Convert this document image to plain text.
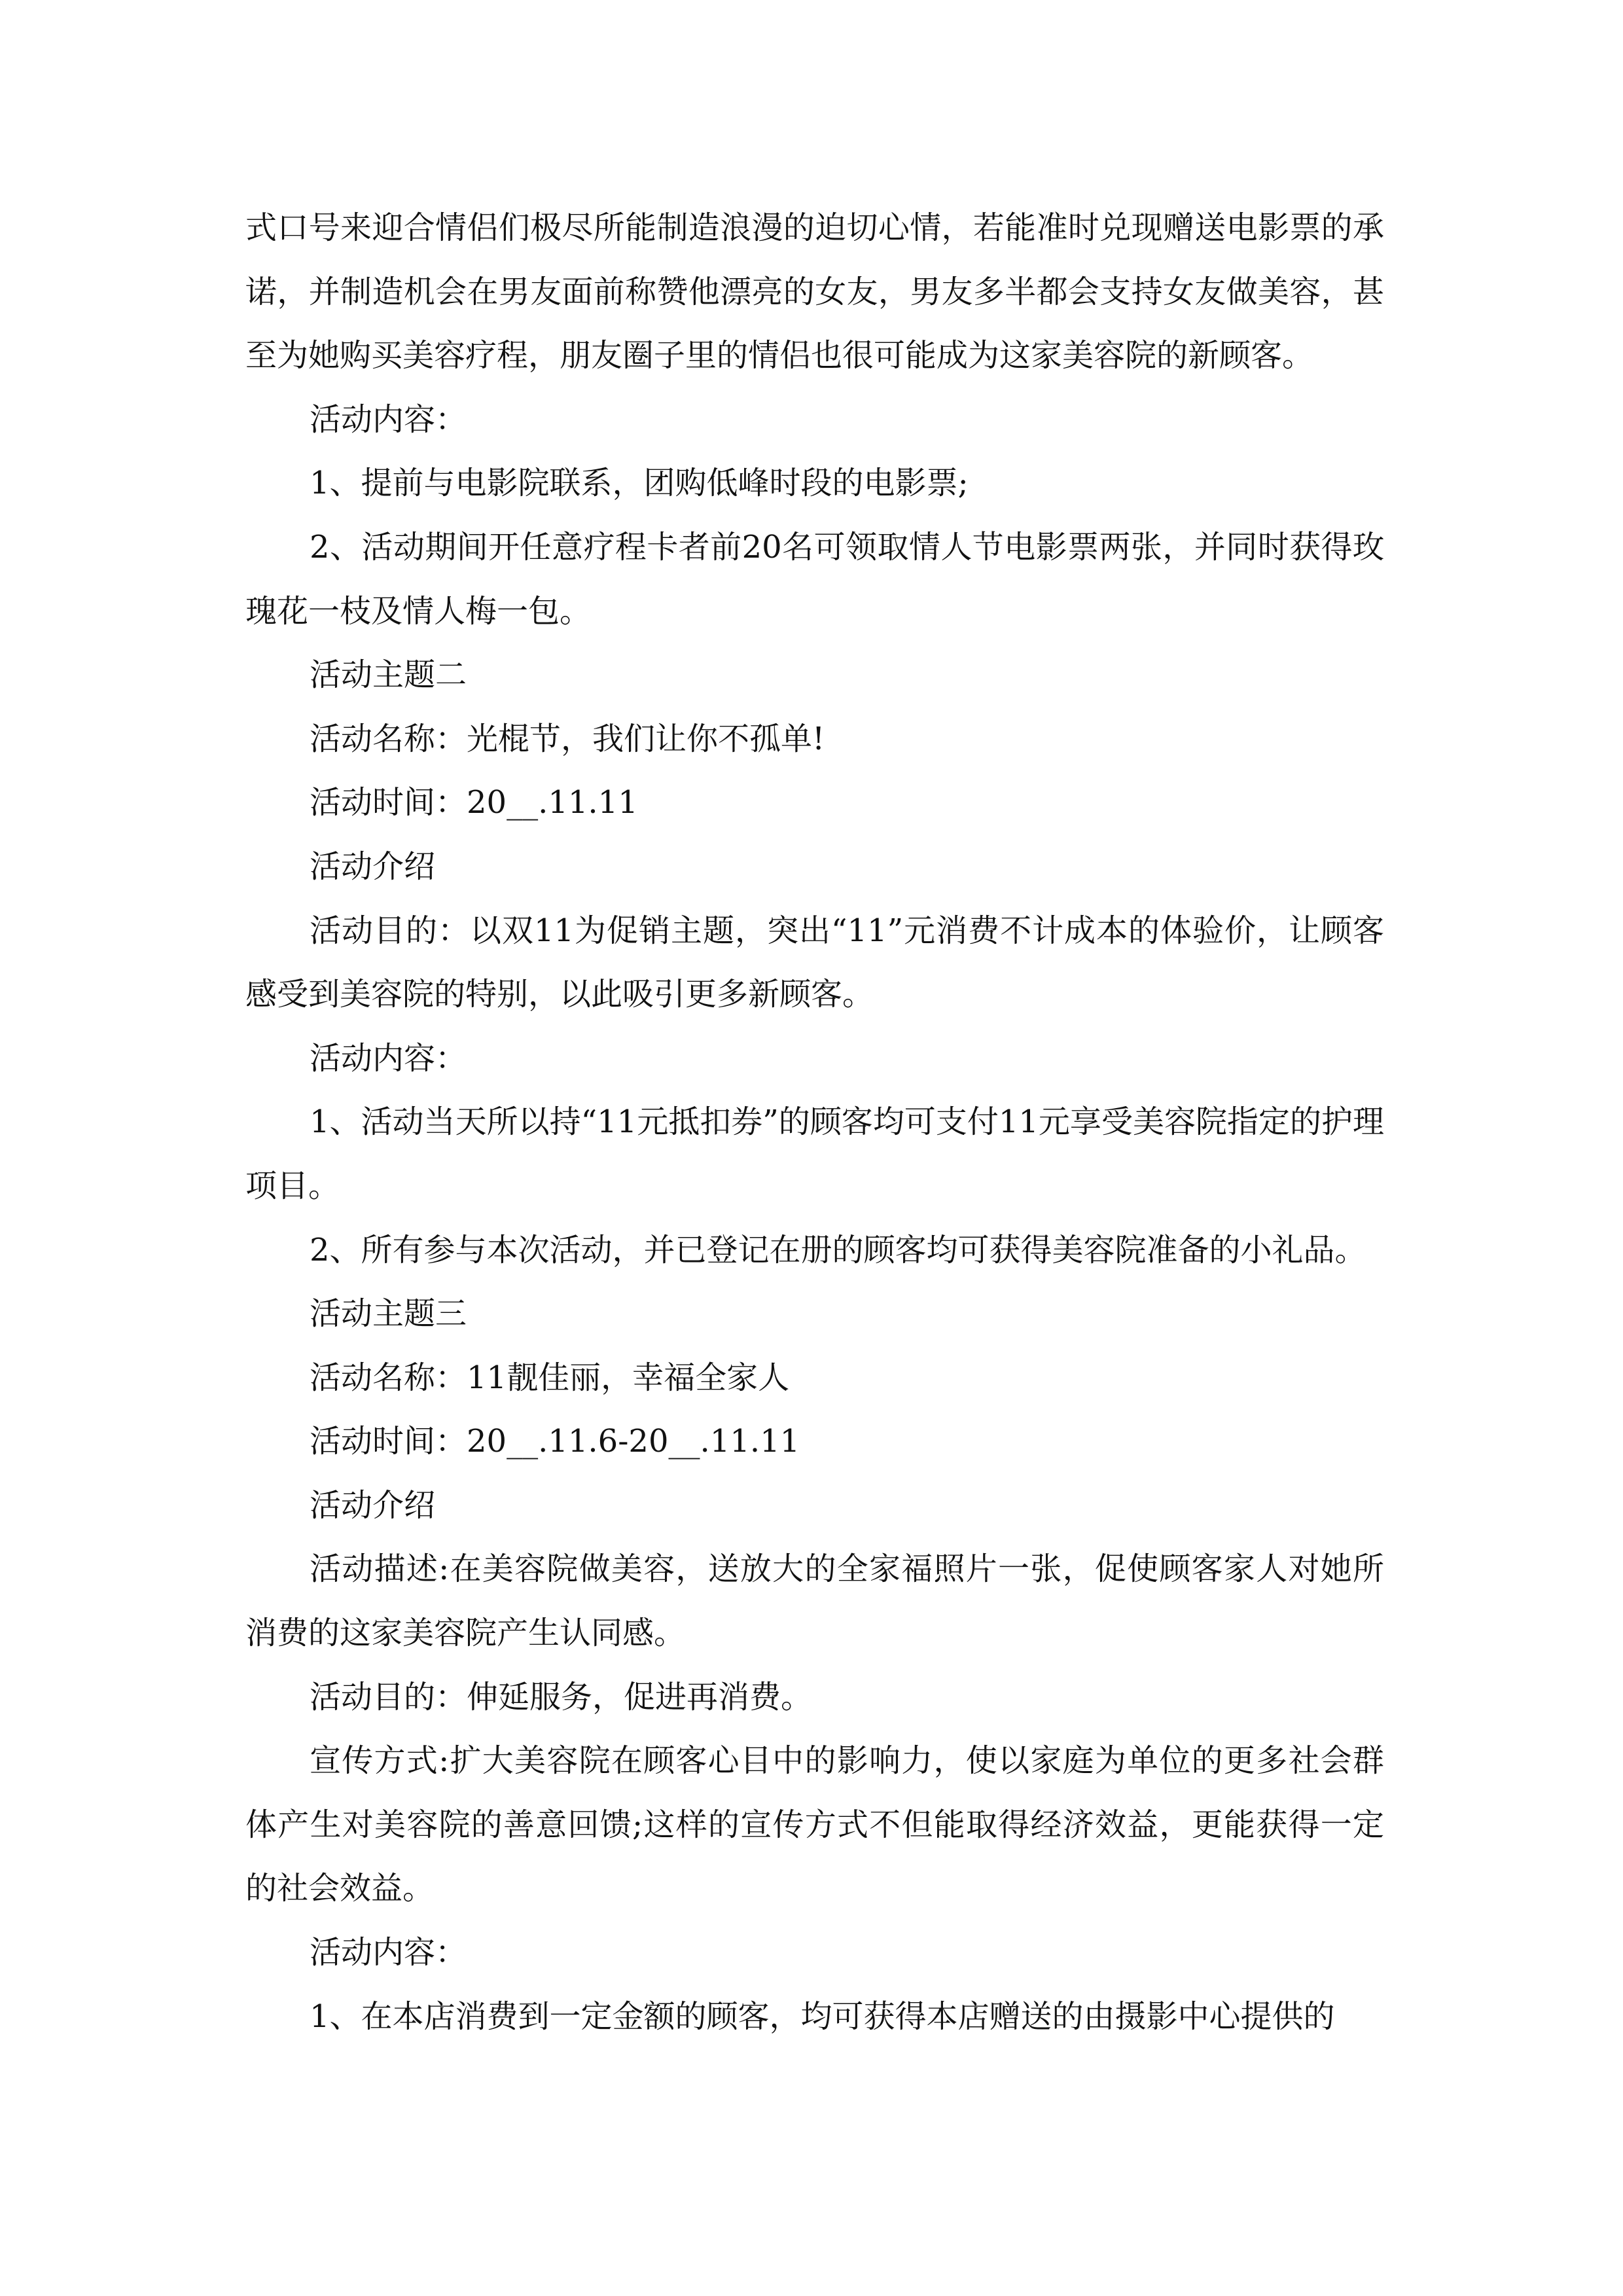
式口号来迎合情侣们极尽所能制造浪漫的迫切心情，若能准时兑现赠送电影票的承诺，并制造机会在男友面前称赞他漂亮的女友，男友多半都会支持女友做美容，甚至为她购买美容疗程，朋友圈子里的情侣也很可能成为这家美容院的新顾客。

活动内容：

1、提前与电影院联系，团购低峰时段的电影票;

2、活动期间开任意疗程卡者前20名可领取情人节电影票两张，并同时获得玫瑰花一枝及情人梅一包。

活动主题二

活动名称：光棍节，我们让你不孤单!

活动时间：20__.11.11

活动介绍

活动目的：以双11为促销主题，突出“11”元消费不计成本的体验价，让顾客感受到美容院的特别，以此吸引更多新顾客。

活动内容：

1、活动当天所以持“11元抵扣券”的顾客均可支付11元享受美容院指定的护理项目。

2、所有参与本次活动，并已登记在册的顾客均可获得美容院准备的小礼品。

活动主题三

活动名称：11靓佳丽，幸福全家人

活动时间：20__.11.6-20__.11.11

活动介绍

活动描述:在美容院做美容，送放大的全家福照片一张，促使顾客家人对她所消费的这家美容院产生认同感。

活动目的：伸延服务，促进再消费。

宣传方式:扩大美容院在顾客心目中的影响力，使以家庭为单位的更多社会群体产生对美容院的善意回馈;这样的宣传方式不但能取得经济效益，更能获得一定的社会效益。

活动内容：

1、在本店消费到一定金额的顾客，均可获得本店赠送的由摄影中心提供的
